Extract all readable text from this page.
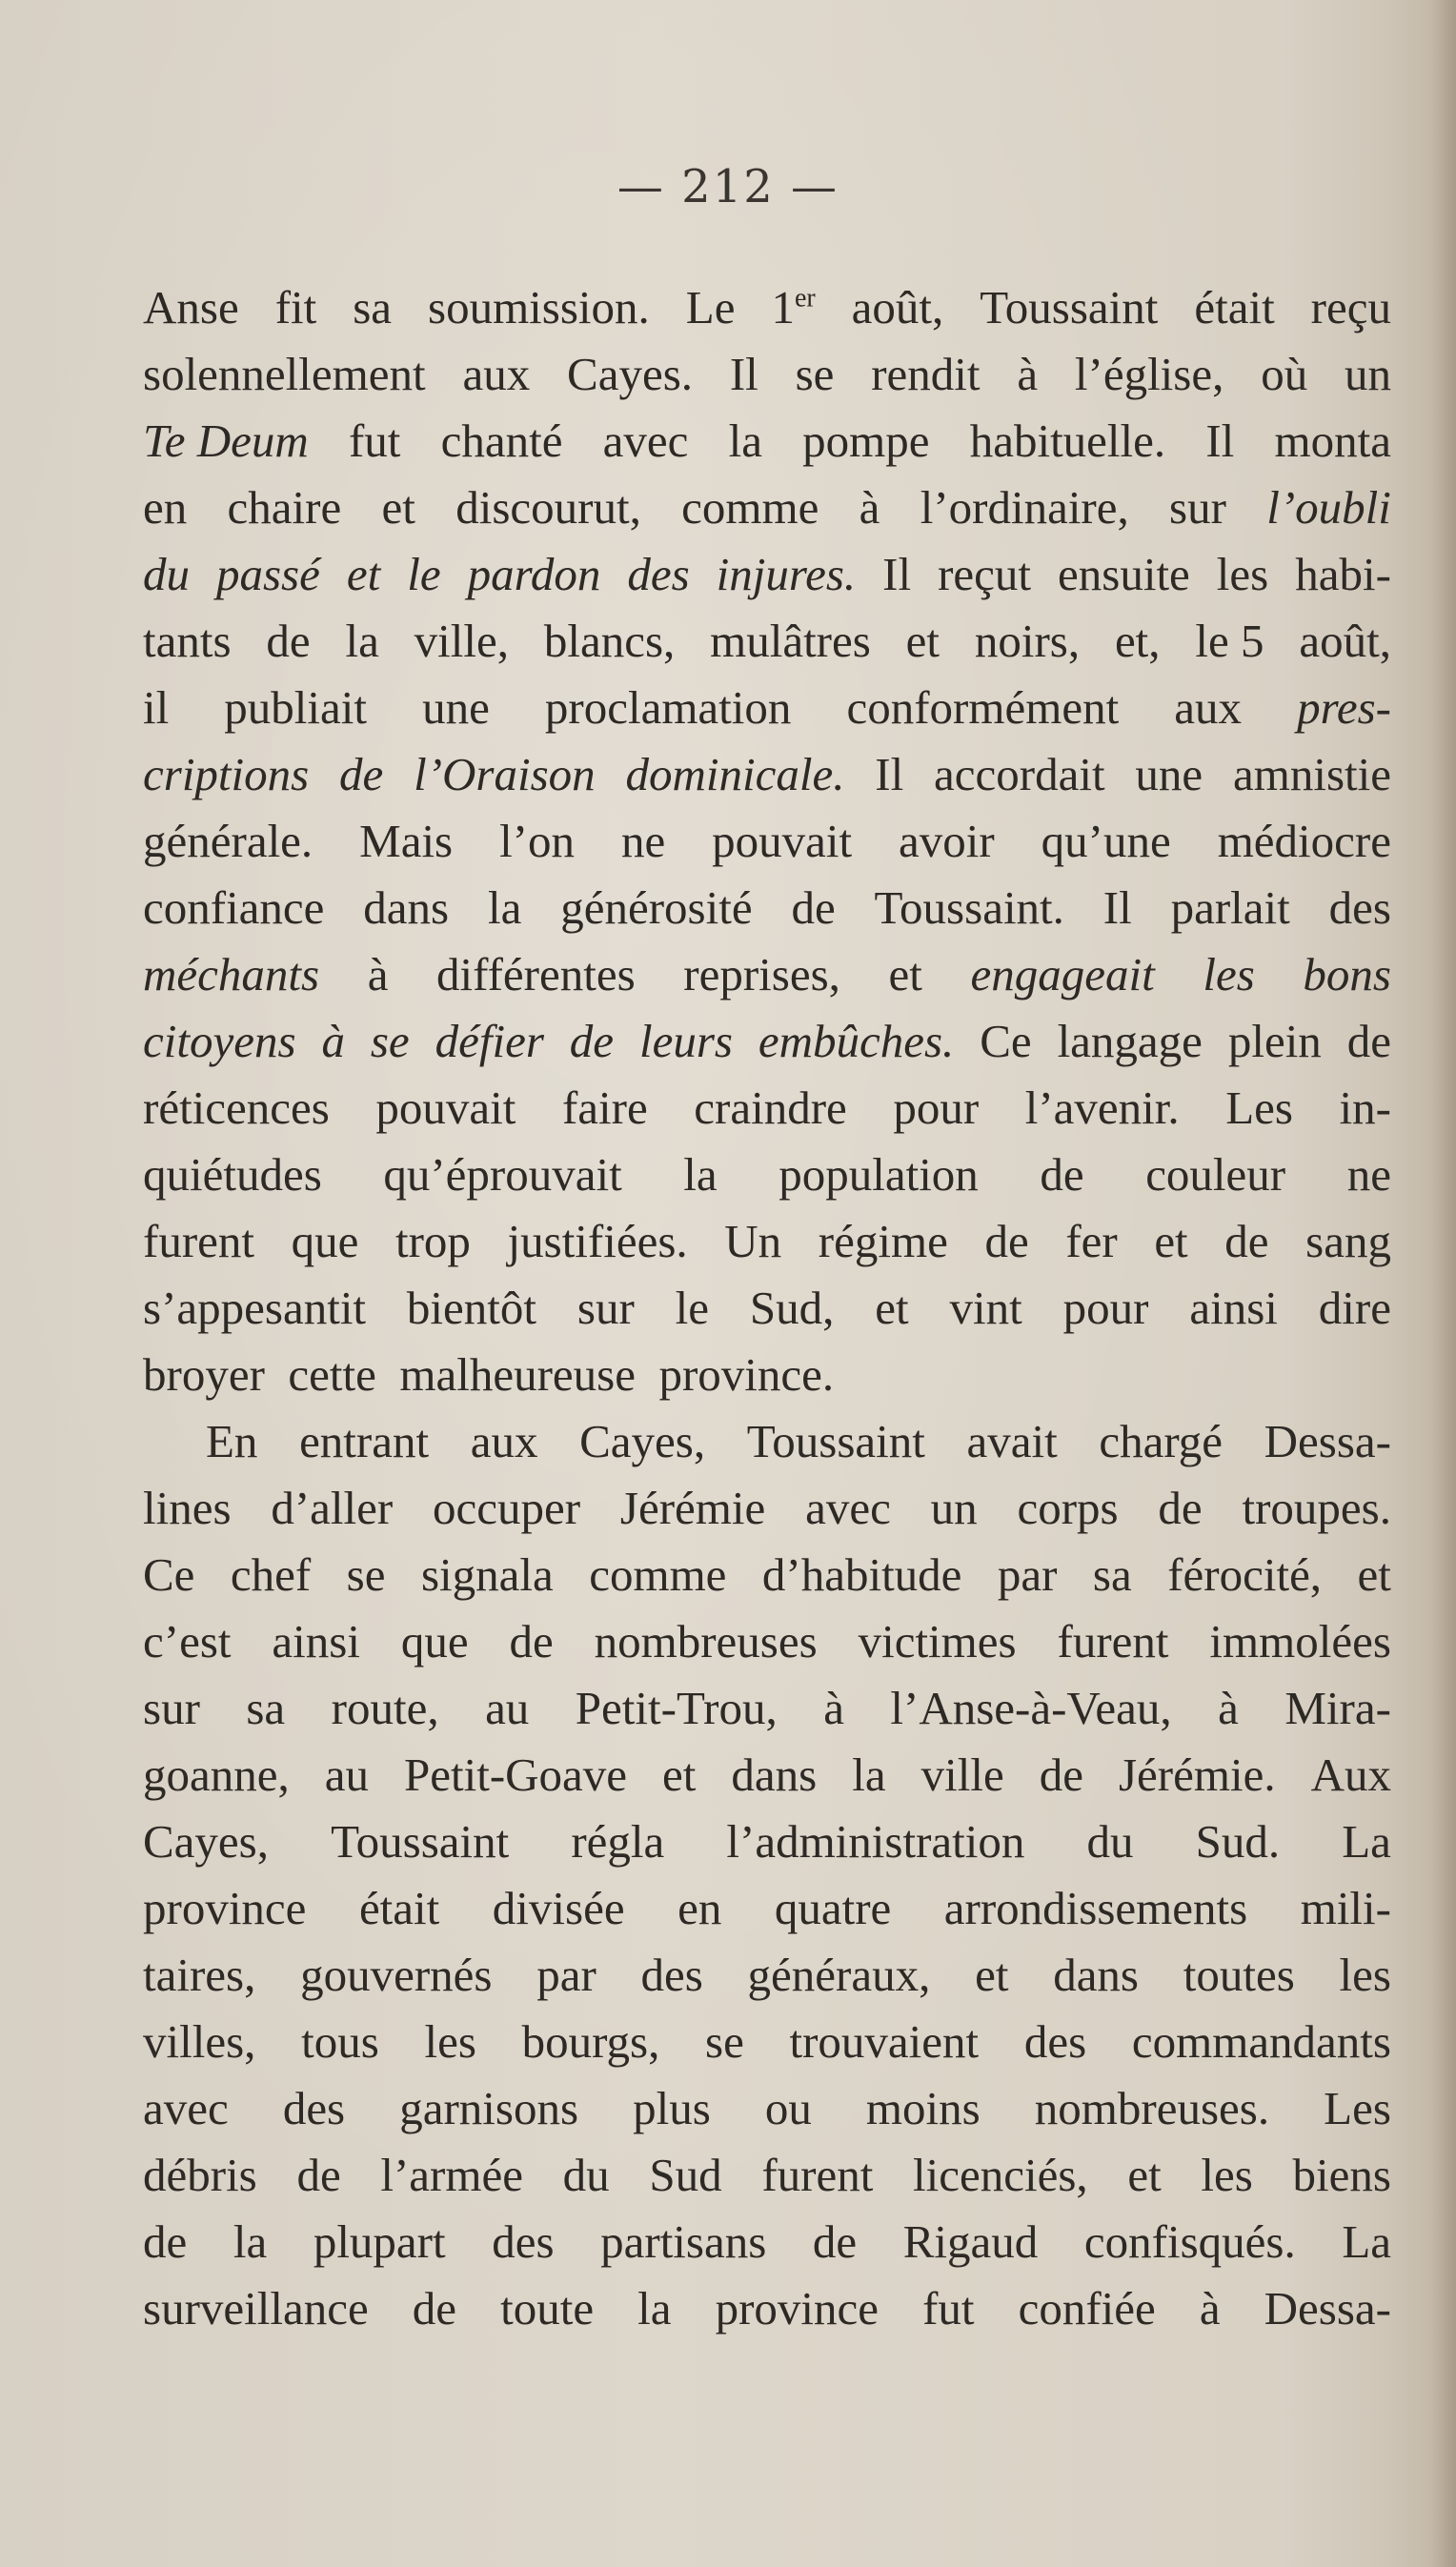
— 212 —
Anse fit sa soumission. Le 1er août, Toussaint était reçu
solennellement aux Cayes. Il se rendit à l’église, où un
Te Deum fut chanté avec la pompe habituelle. Il monta
en chaire et discourut, comme à l’ordinaire, sur l’oubli
du passé et le pardon des injures. Il reçut ensuite les habi-
tants de la ville, blancs, mulâtres et noirs, et, le 5 août,
il publiait une proclamation conformément aux pres-
criptions de l’Oraison dominicale. Il accordait une amnistie
générale. Mais l’on ne pouvait avoir qu’une médiocre
confiance dans la générosité de Toussaint. Il parlait des
méchants à différentes reprises, et engageait les bons
citoyens à se défier de leurs embûches. Ce langage plein de
réticences pouvait faire craindre pour l’avenir. Les in-
quiétudes qu’éprouvait la population de couleur ne
furent que trop justifiées. Un régime de fer et de sang
s’appesantit bientôt sur le Sud, et vint pour ainsi dire
broyer
cette
malheureuse
province.
En entrant aux Cayes, Toussaint avait chargé Dessa-
lines d’aller occuper Jérémie avec un corps de troupes.
Ce chef se signala comme d’habitude par sa férocité, et
c’est ainsi que de nombreuses victimes furent immolées
sur sa route, au Petit-Trou, à l’Anse-à-Veau, à Mira-
goanne, au Petit-Goave et dans la ville de Jérémie. Aux
Cayes, Toussaint régla l’administration du Sud. La
province était divisée en quatre arrondissements mili-
taires, gouvernés par des généraux, et dans toutes les
villes, tous les bourgs, se trouvaient des commandants
avec des garnisons plus ou moins nombreuses. Les
débris de l’armée du Sud furent licenciés, et les biens
de la plupart des partisans de Rigaud confisqués. La
surveillance de toute la province fut confiée à Dessa-
